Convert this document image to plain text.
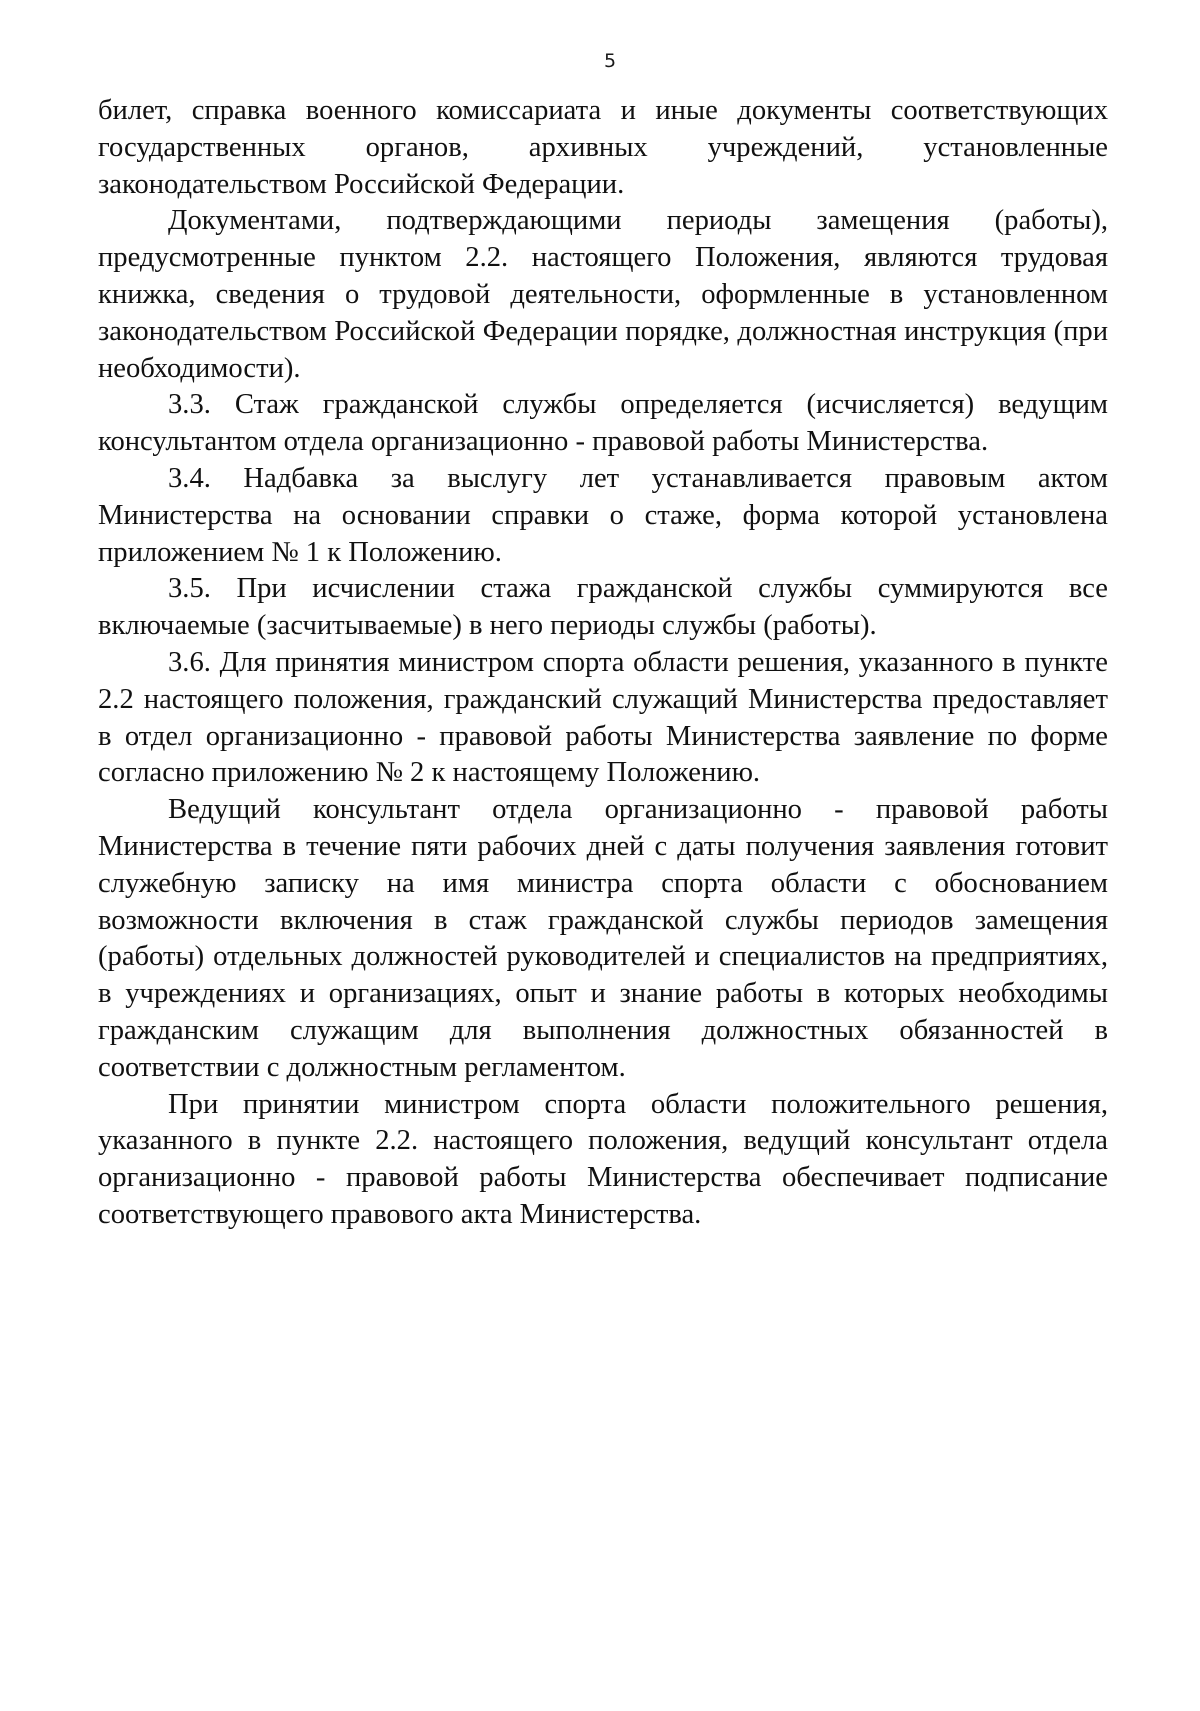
5

билет, справка военного комиссариата и иные документы соответствующих государственных органов, архивных учреждений, установленные законодательством Российской Федерации.

Документами, подтверждающими периоды замещения (работы), предусмотренные пунктом 2.2. настоящего Положения, являются трудовая книжка, сведения о трудовой деятельности, оформленные в установленном законодательством Российской Федерации порядке, должностная инструкция (при необходимости).

3.3. Стаж гражданской службы определяется (исчисляется) ведущим консультантом отдела организационно - правовой работы Министерства.

3.4. Надбавка за выслугу лет устанавливается правовым актом Министерства на основании справки о стаже, форма которой установлена приложением № 1 к Положению.

3.5. При исчислении стажа гражданской службы суммируются все включаемые (засчитываемые) в него периоды службы (работы).

3.6. Для принятия министром спорта области решения, указанного в пункте 2.2 настоящего положения, гражданский служащий Министерства предоставляет в отдел организационно - правовой работы Министерства заявление по форме согласно приложению № 2 к настоящему Положению.

Ведущий консультант отдела организационно - правовой работы Министерства в течение пяти рабочих дней с даты получения заявления готовит служебную записку на имя министра спорта области с обоснованием возможности включения в стаж гражданской службы периодов замещения (работы) отдельных должностей руководителей и специалистов на предприятиях, в учреждениях и организациях, опыт и знание работы в которых необходимы гражданским служащим для выполнения должностных обязанностей в соответствии с должностным регламентом.

При принятии министром спорта области положительного решения, указанного в пункте 2.2. настоящего положения, ведущий консультант отдела организационно - правовой работы Министерства обеспечивает подписание соответствующего правового акта Министерства.
